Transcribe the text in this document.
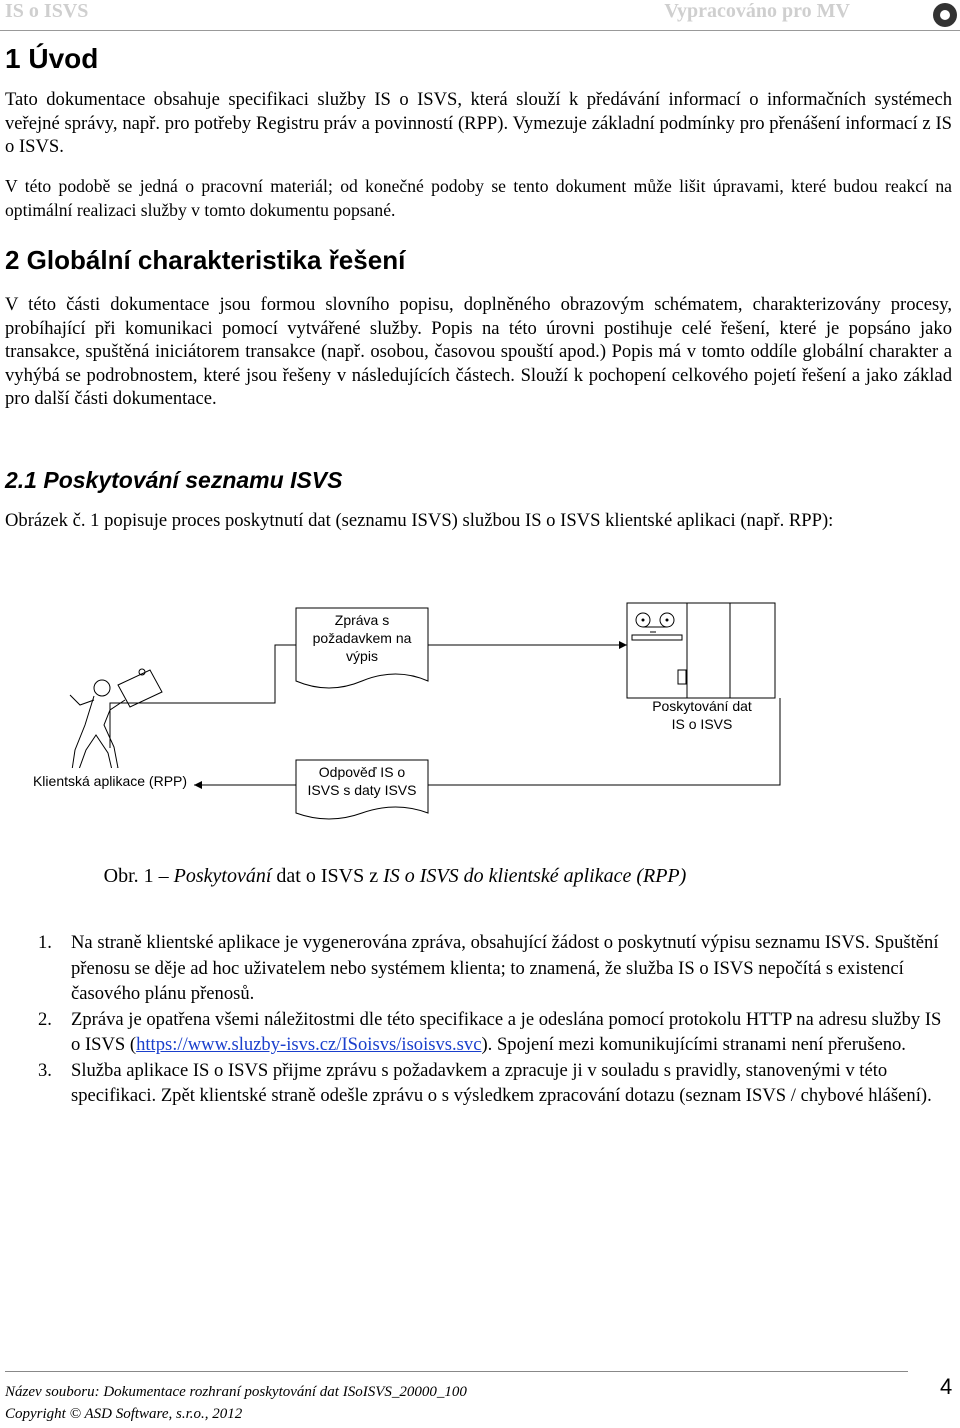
IS o ISVS	Vypracováno pro MV
1 Úvod

Tato dokumentace obsahuje specifikaci služby IS o ISVS, která slouží k předávání informací o informačních systémech veřejné správy, např. pro potřeby Registru práv a povinností (RPP). Vymezuje základní podmínky pro přenášení informací z IS o ISVS.

V této podobě se jedná o pracovní materiál; od konečné podoby se tento dokument může lišit úpravami, které budou reakcí na optimální realizaci služby v tomto dokumentu popsané.

2 Globální charakteristika řešení

V této části dokumentace jsou formou slovního popisu, doplněného obrazovým schématem, charakterizovány procesy, probíhající při komunikaci pomocí vytvářené služby. Popis na této úrovni postihuje celé řešení, které je popsáno jako transakce, spuštěná iniciátorem transakce (např. osobou, časovou spouští apod.) Popis má v tomto oddíle globální charakter a vyhýbá se podrobnostem, které jsou řešeny v následujících částech. Slouží k pochopení celkového pojetí řešení a jako základ pro další části dokumentace.

2.1 Poskytování seznamu ISVS

Obrázek č. 1 popisuje proces poskytnutí dat (seznamu ISVS) službou IS o ISVS klientské aplikaci (např. RPP):

Zpráva s
požadavkem na
výpis
Poskytování dat
IS o ISVS
Klientská aplikace (RPP)
Odpověď IS o
ISVS s daty ISVS
Obr. 1 – Poskytování dat o ISVS z IS o ISVS do klientské aplikace (RPP)
1. Na straně klientské aplikace je vygenerována zpráva, obsahující žádost o poskytnutí výpisu seznamu ISVS. Spuštění přenosu se děje ad hoc uživatelem nebo systémem klienta; to znamená, že služba IS o ISVS nepočítá s existencí časového plánu přenosů.
2. Zpráva je opatřena všemi náležitostmi dle této specifikace a je odeslána pomocí protokolu HTTP na adresu služby IS o ISVS (https://www.sluzby-isvs.cz/ISoisvs/isoisvs.svc). Spojení mezi komunikujícími stranami není přerušeno.
3. Služba aplikace IS o ISVS přijme zprávu s požadavkem a zpracuje ji v souladu s pravidly, stanovenými v této specifikaci. Zpět klientské straně odešle zprávu o s výsledkem zpracování dotazu (seznam ISVS / chybové hlášení).
Název souboru: Dokumentace rozhraní poskytování dat ISoISVS_20000_100
Copyright © ASD Software, s.r.o., 2012
4
